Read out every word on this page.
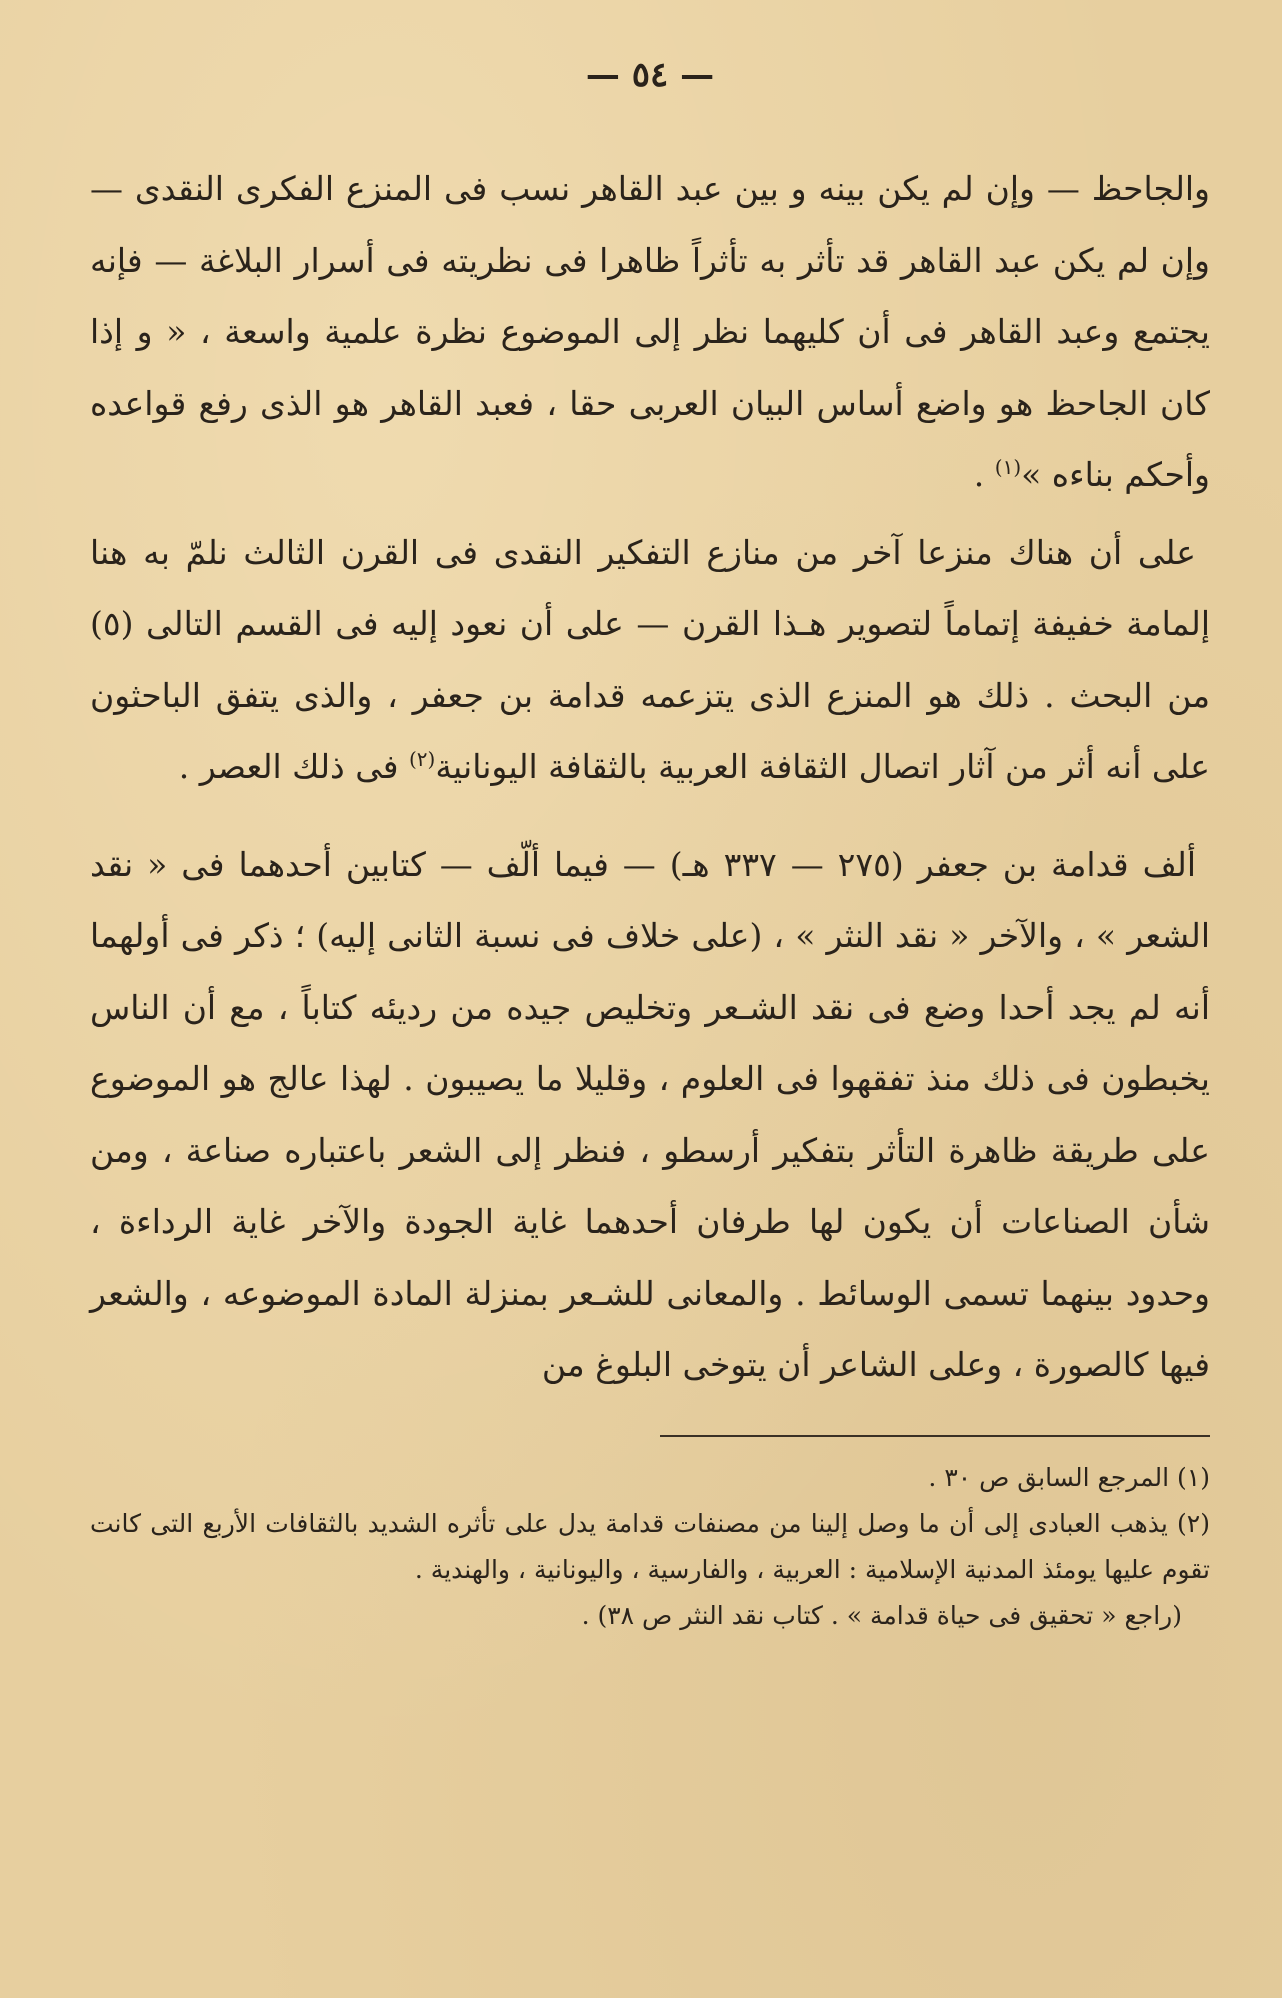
— ٥٤ —

والجاحظ — وإن لم يكن بينه و بين عبد القاهر نسب فى المنزع الفكرى النقدى — وإن لم يكن عبد القاهر قد تأثر به تأثراً ظاهرا فى نظريته فى أسرار البلاغة — فإنه يجتمع وعبد القاهر فى أن كليهما نظر إلى الموضوع نظرة علمية واسعة ، « و إذا كان الجاحظ هو واضع أساس البيان العربى حقا ، فعبد القاهر هو الذى رفع قواعده وأحكم بناءه »$^{(١)}$ .

على أن هناك منزعا آخر من منازع التفكير النقدى فى القرن الثالث نلمّ به هنا إلمامة خفيفة إتماماً لتصوير هـذا القرن — على أن نعود إليه فى القسم التالى (٥) من البحث . ذلك هو المنزع الذى يتزعمه قدامة بن جعفر ، والذى يتفق الباحثون على أنه أثر من آثار اتصال الثقافة العربية بالثقافة اليونانية$^{(٢)}$ فى ذلك العصر .

ألف قدامة بن جعفر (٢٧٥ — ٣٣٧ هـ) — فيما ألّف — كتابين أحدهما فى « نقد الشعر » ، والآخر « نقد النثر » ، (على خلاف فى نسبة الثانى إليه) ؛ ذكر فى أولهما أنه لم يجد أحدا وضع فى نقد الشـعر وتخليص جيده من رديئه كتاباً ، مع أن الناس يخبطون فى ذلك منذ تفقهوا فى العلوم ، وقليلا ما يصيبون . لهذا عالج هو الموضوع على طريقة ظاهرة التأثر بتفكير أرسطو ، فنظر إلى الشعر باعتباره صناعة ، ومن شأن الصناعات أن يكون لها طرفان أحدهما غاية الجودة والآخر غاية الرداءة ، وحدود بينهما تسمى الوسائط . والمعانى للشـعر بمنزلة المادة الموضوعه ، والشعر فيها كالصورة ، وعلى الشاعر أن يتوخى البلوغ من

(١) المرجع السابق ص ٣٠ .

(٢) يذهب العبادى إلى أن ما وصل إلينا من مصنفات قدامة يدل على تأثره الشديد بالثقافات الأربع التى كانت تقوم عليها يومئذ المدنية الإسلامية : العربية ، والفارسية ، واليونانية ، والهندية .

(راجع « تحقيق فى حياة قدامة » . كتاب نقد النثر ص ٣٨) .
